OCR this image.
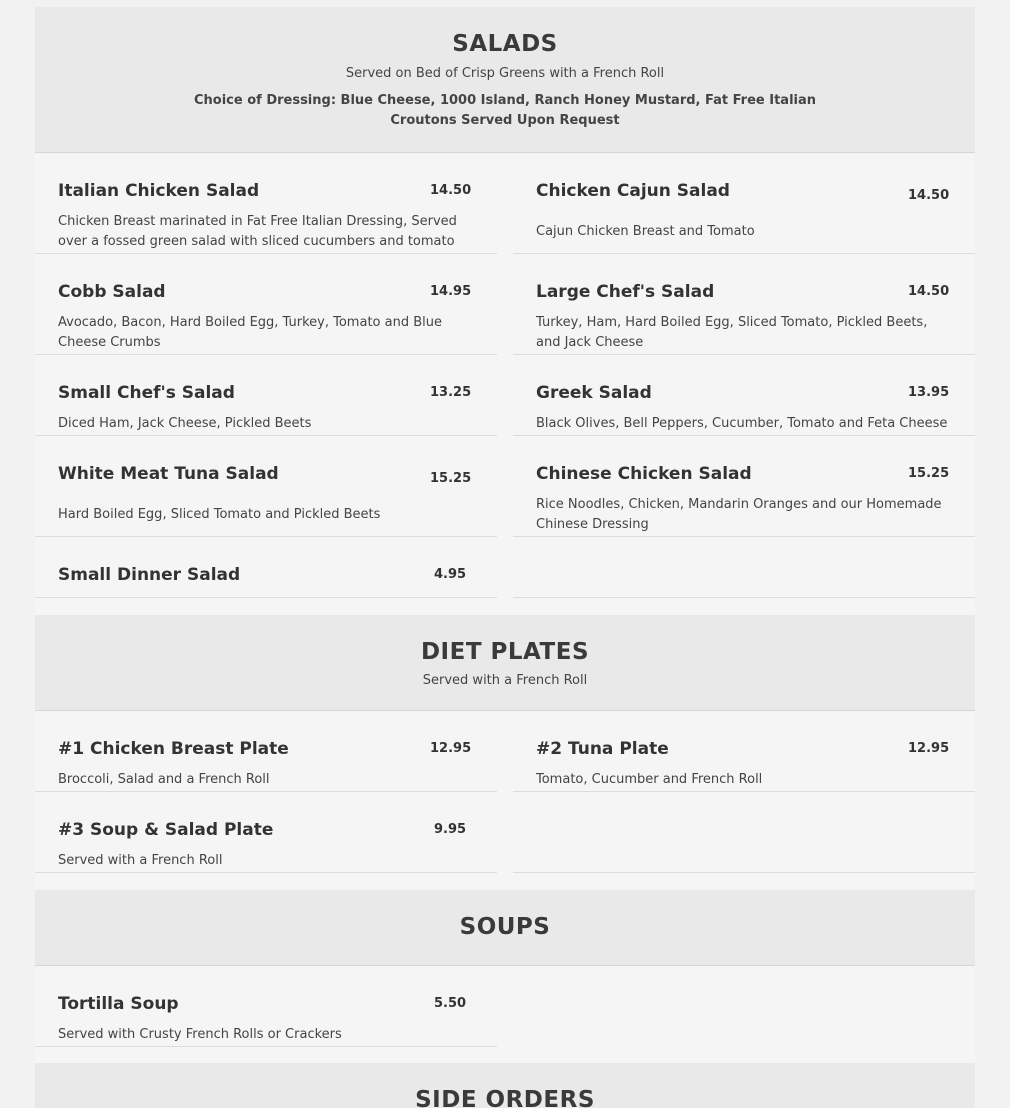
SALADS
Served on Bed of Crisp Greens with a French Roll
Choice of Dressing: Blue Cheese, 1000 Island, Ranch Honey Mustard, Fat Free Italian
Croutons Served Upon Request
Italian Chicken Salad	14.50
Chicken Breast marinated in Fat Free Italian Dressing, Served over a fossed green salad with sliced cucumbers and tomato
Chicken Cajun Salad	14.50
Cajun Chicken Breast and Tomato
Cobb Salad	14.95
Avocado, Bacon, Hard Boiled Egg, Turkey, Tomato and Blue Cheese Crumbs
Large Chef's Salad	14.50
Turkey, Ham, Hard Boiled Egg, Sliced Tomato, Pickled Beets, and Jack Cheese
Small Chef's Salad	13.25
Diced Ham, Jack Cheese, Pickled Beets
Greek Salad	13.95
Black Olives, Bell Peppers, Cucumber, Tomato and Feta Cheese
White Meat Tuna Salad	15.25
Hard Boiled Egg, Sliced Tomato and Pickled Beets
Chinese Chicken Salad	15.25
Rice Noodles, Chicken, Mandarin Oranges and our Homemade Chinese Dressing
Small Dinner Salad	4.95
DIET PLATES
Served with a French Roll
#1 Chicken Breast Plate	12.95
Broccoli, Salad and a French Roll
#2 Tuna Plate	12.95
Tomato, Cucumber and French Roll
#3 Soup & Salad Plate	9.95
Served with a French Roll
SOUPS
Tortilla Soup	5.50
Served with Crusty French Rolls or Crackers
SIDE ORDERS
